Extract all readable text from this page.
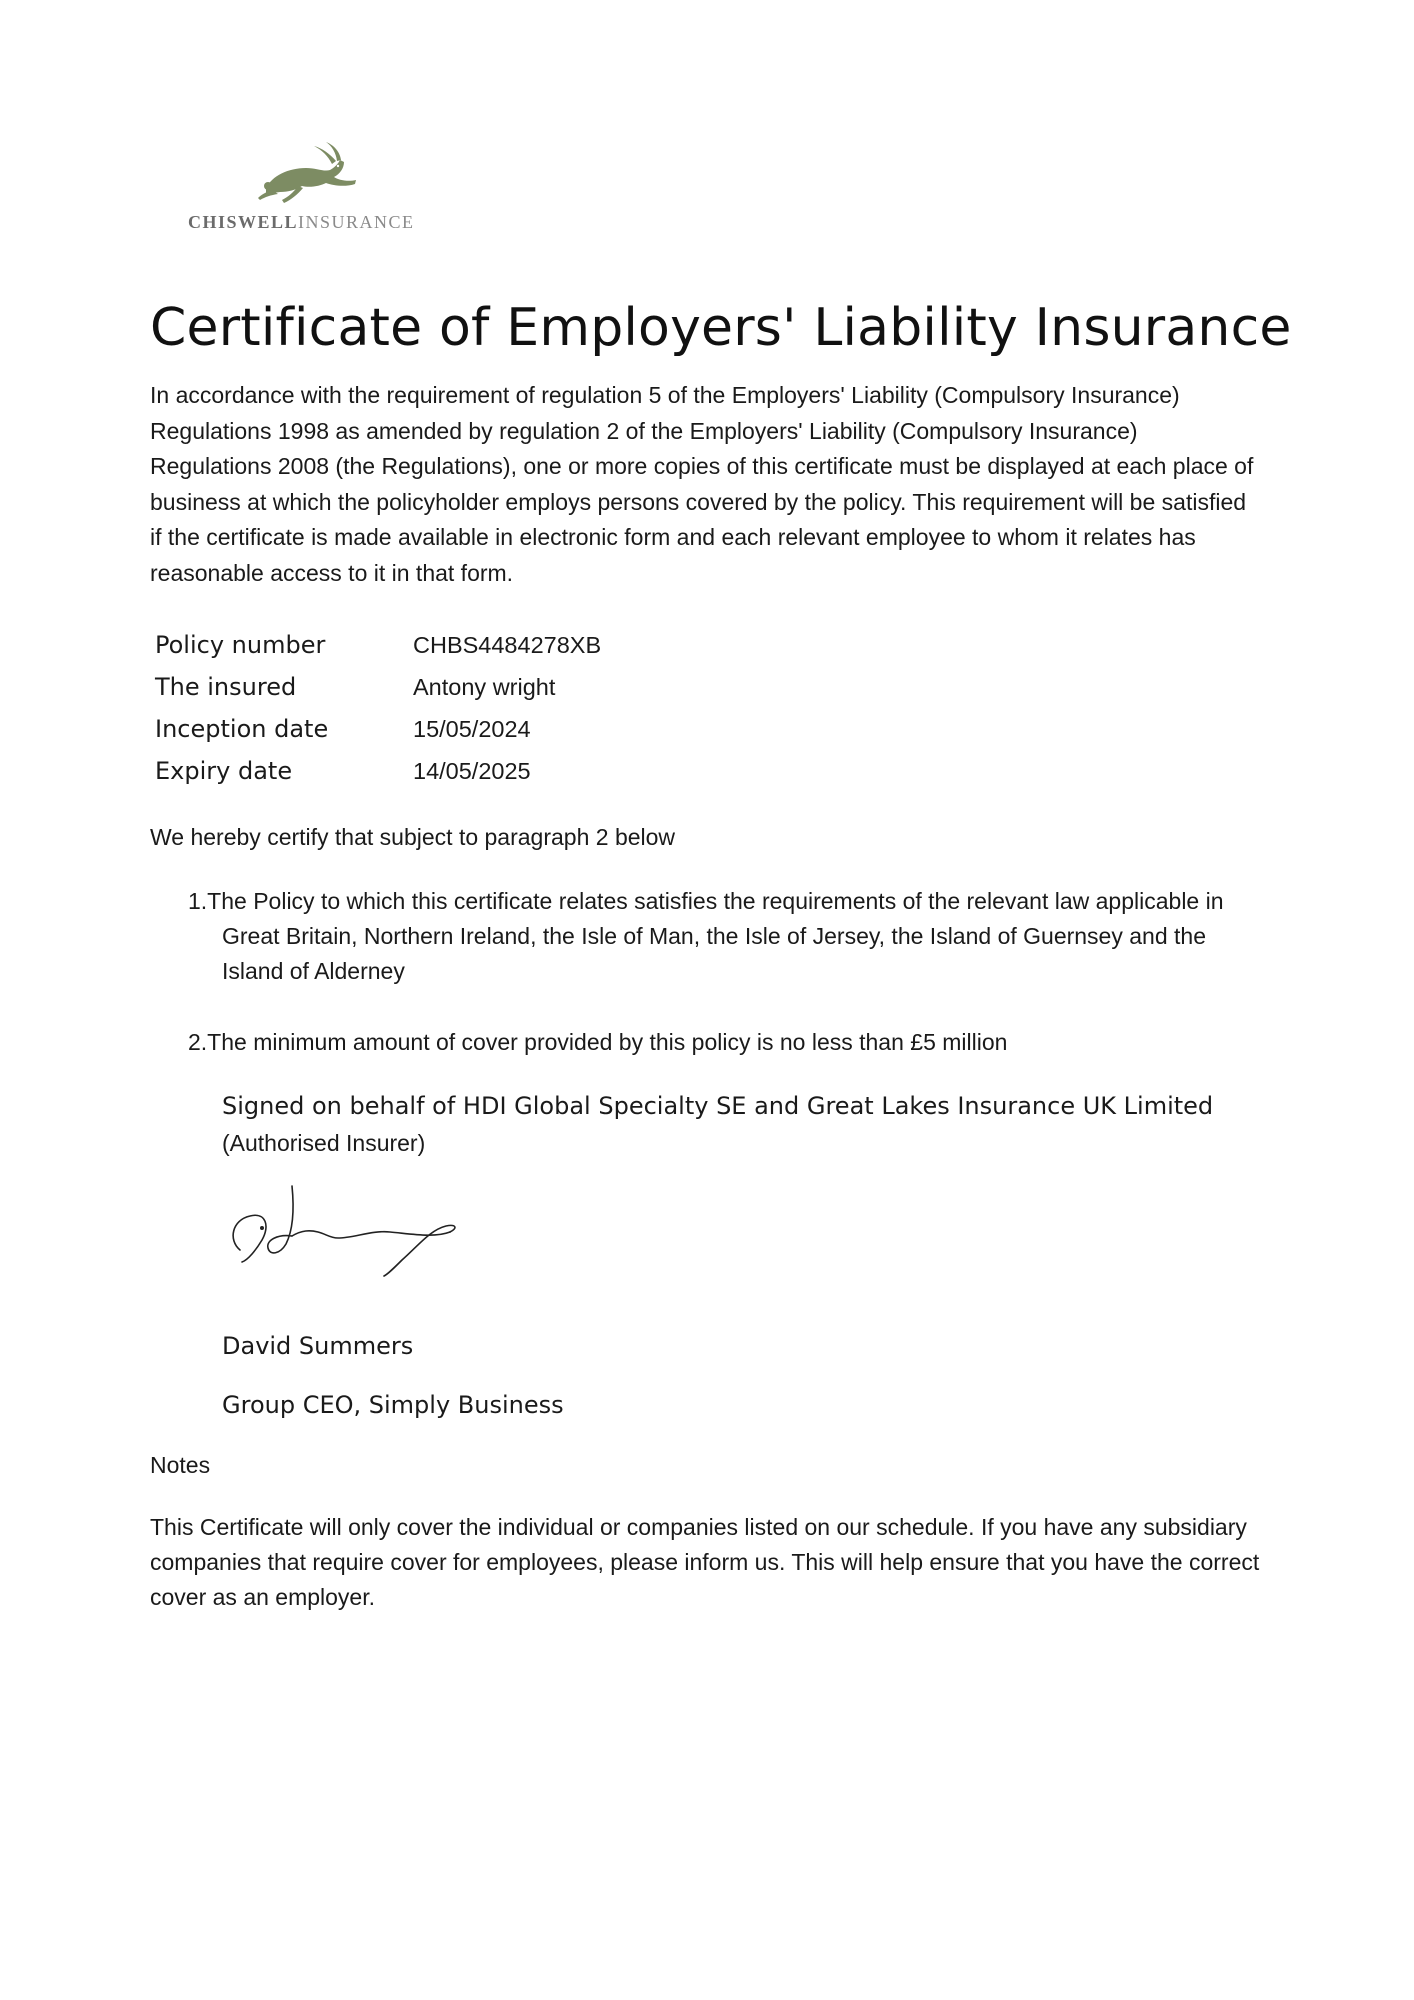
CHISWELLINSURANCE
Certificate of Employers' Liability Insurance

In accordance with the requirement of regulation 5 of the Employers' Liability (Compulsory Insurance) Regulations 1998 as amended by regulation 2 of the Employers' Liability (Compulsory Insurance) Regulations 2008 (the Regulations), one or more copies of this certificate must be displayed at each place of business at which the policyholder employs persons covered by the policy. This requirement will be satisfied if the certificate is made available in electronic form and each relevant employee to whom it relates has reasonable access to it in that form.

Policy number	CHBS4484278XB
The insured	Antony wright
Inception date	15/05/2024
Expiry date	14/05/2025
We hereby certify that subject to paragraph 2 below
1.The Policy to which this certificate relates satisfies the requirements of the relevant law applicable in Great Britain, Northern Ireland, the Isle of Man, the Isle of Jersey, the Island of Guernsey and the Island of Alderney
2.The minimum amount of cover provided by this policy is no less than £5 million
Signed on behalf of HDI Global Specialty SE and Great Lakes Insurance UK Limited
(Authorised Insurer)
David Summers
Group CEO, Simply Business
Notes

This Certificate will only cover the individual or companies listed on our schedule. If you have any subsidiary companies that require cover for employees, please inform us. This will help ensure that you have the correct cover as an employer.
